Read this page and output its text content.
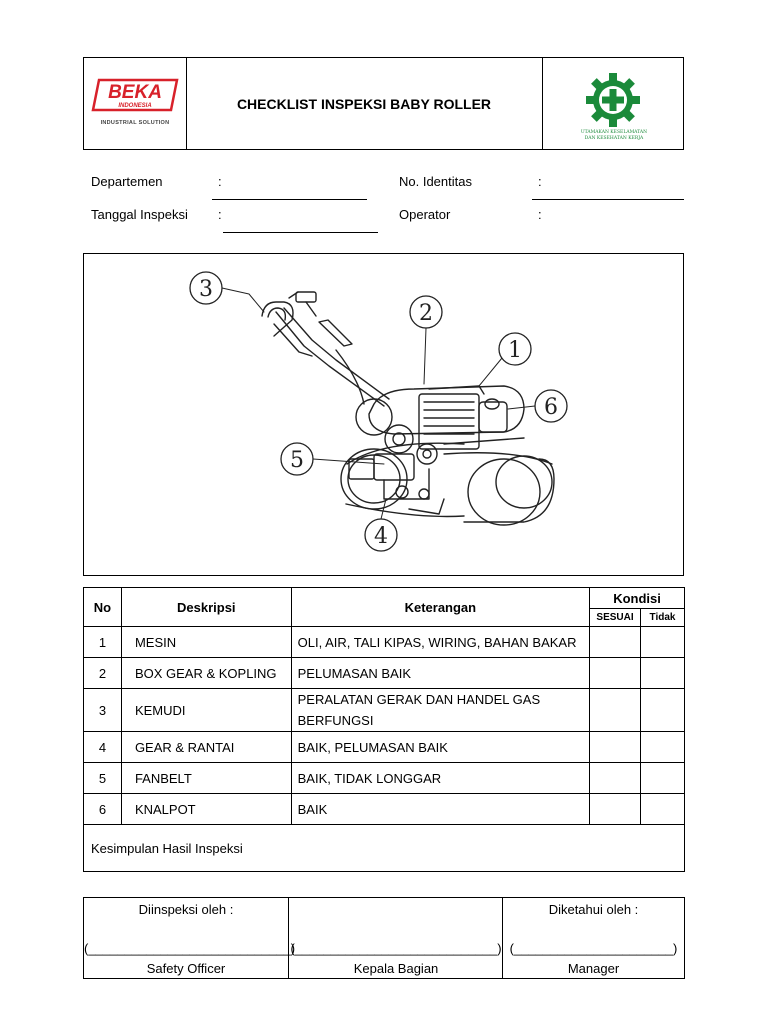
BEKA
INDONESIA
INDUSTRIAL SOLUTION
CHECKLIST INSPEKSI BABY ROLLER
UTAMAKAN KESELAMATAN
DAN KESEHATAN KERJA
Departemen	:
Tanggal Inspeksi :
No. Identitas	:
Operator	:
3
2
1
6
5
4
No	Deskripsi	Keterangan	Kondisi	
			SESUAI	Tidak
1	MESIN	OLI, AIR, TALI KIPAS, WIRING, BAHAN BAKAR		
2	BOX GEAR & KOPLING	PELUMASAN BAIK		
3	KEMUDI	PERALATAN GERAK DAN HANDEL GAS BERFUNGSI		
4	GEAR & RANTAI	BAIK, PELUMASAN BAIK		
5	FANBELT	BAIK, TIDAK LONGGAR		
6	KNALPOT	BAIK		
Kesimpulan Hasil Inspeksi				
Diinspeksi oleh :
(____________________________)
Safety Officer
(____________________________)
Kepala Bagian
Diketahui oleh :
(______________________)
Manager
